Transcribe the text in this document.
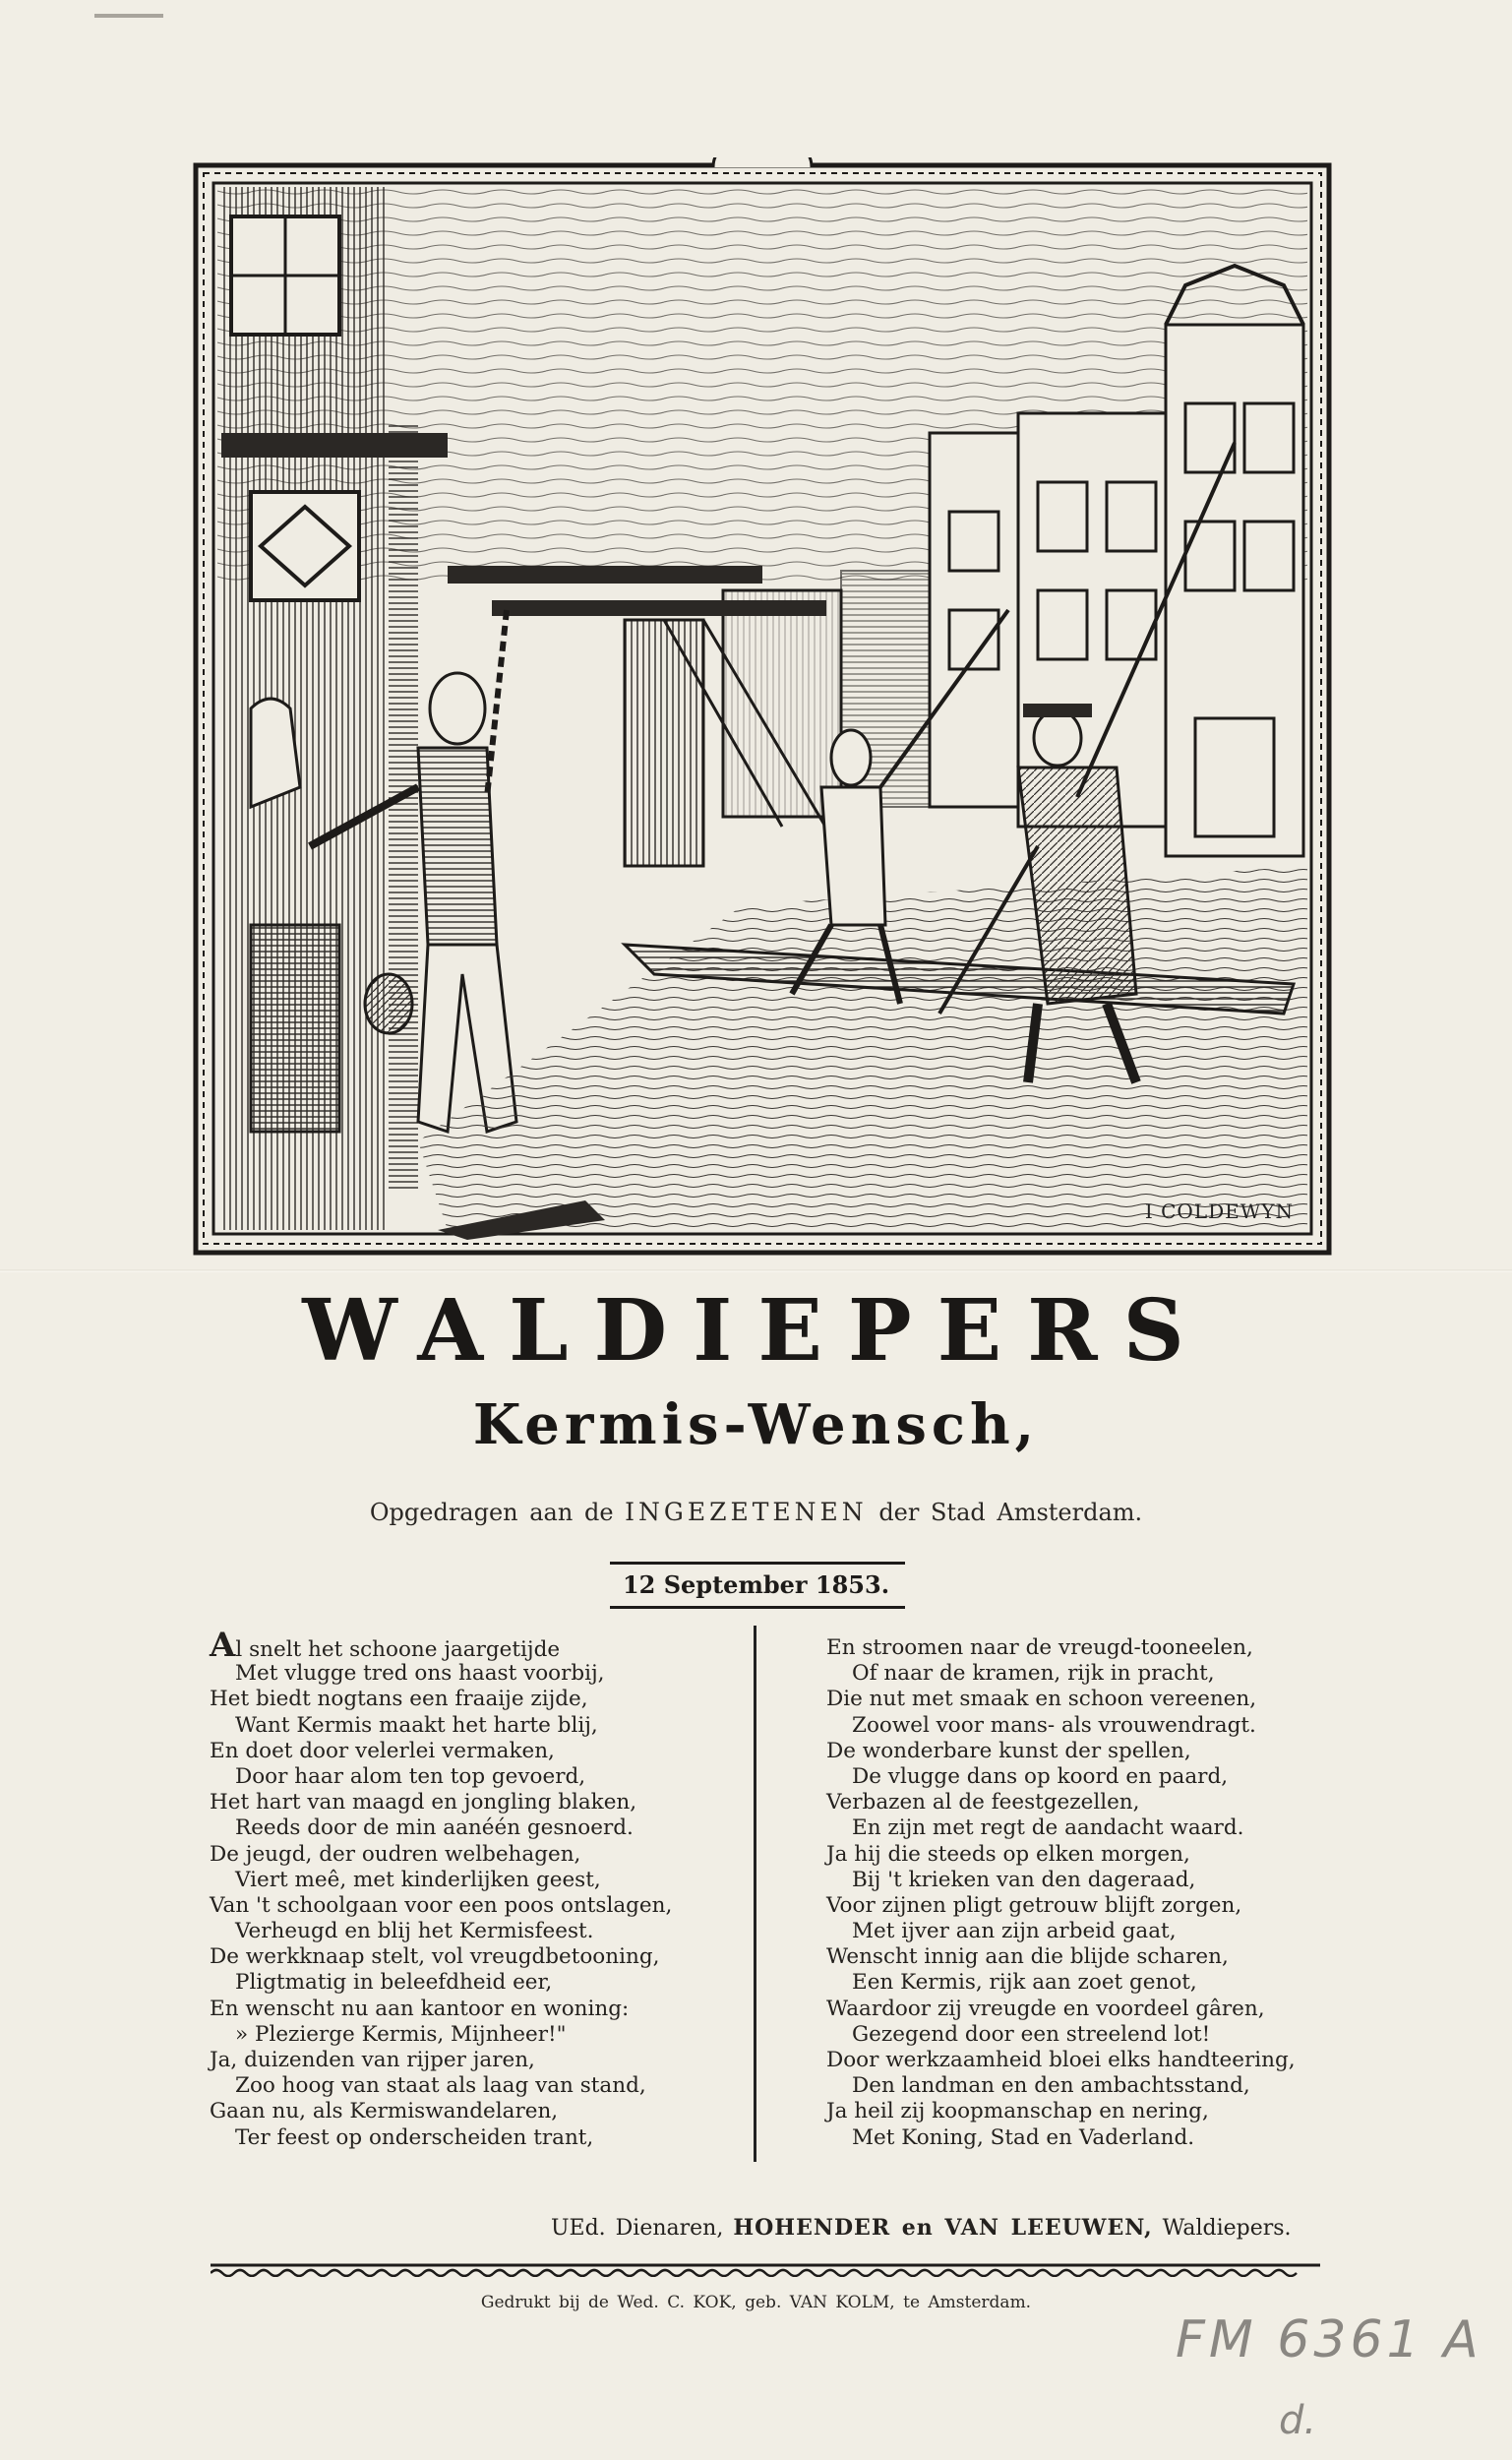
I COLDEWYN
WALDIEPERS
Kermis-Wensch,
Opgedragen aan de INGEZETENEN der Stad Amsterdam.
12 September 1853.
Al snelt het schoone jaargetijde
Met vlugge tred ons haast voorbij,
Het biedt nogtans een fraaije zijde,
Want Kermis maakt het harte blij,
En doet door velerlei vermaken,
Door haar alom ten top gevoerd,
Het hart van maagd en jongling blaken,
Reeds door de min aanéén gesnoerd.
De jeugd, der oudren welbehagen,
Viert meê, met kinderlijken geest,
Van 't schoolgaan voor een poos ontslagen,
Verheugd en blij het Kermisfeest.
De werkknaap stelt, vol vreugdbetooning,
Pligtmatig in beleefdheid eer,
En wenscht nu aan kantoor en woning:
» Plezierge Kermis, Mijnheer!"
Ja, duizenden van rijper jaren,
Zoo hoog van staat als laag van stand,
Gaan nu, als Kermiswandelaren,
Ter feest op onderscheiden trant,
En stroomen naar de vreugd-tooneelen,
Of naar de kramen, rijk in pracht,
Die nut met smaak en schoon vereenen,
Zoowel voor mans- als vrouwendragt.
De wonderbare kunst der spellen,
De vlugge dans op koord en paard,
Verbazen al de feestgezellen,
En zijn met regt de aandacht waard.
Ja hij die steeds op elken morgen,
Bij 't krieken van den dageraad,
Voor zijnen pligt getrouw blijft zorgen,
Met ijver aan zijn arbeid gaat,
Wenscht innig aan die blijde scharen,
Een Kermis, rijk aan zoet genot,
Waardoor zij vreugde en voordeel gâren,
Gezegend door een streelend lot!
Door werkzaamheid bloei elks handteering,
Den landman en den ambachtsstand,
Ja heil zij koopmanschap en nering,
Met Koning, Stad en Vaderland.
UEd. Dienaren, HOHENDER en VAN LEEUWEN, Waldiepers.
Gedrukt bij de Wed. C. KOK, geb. VAN KOLM, te Amsterdam.
FM 6361 A
d.
